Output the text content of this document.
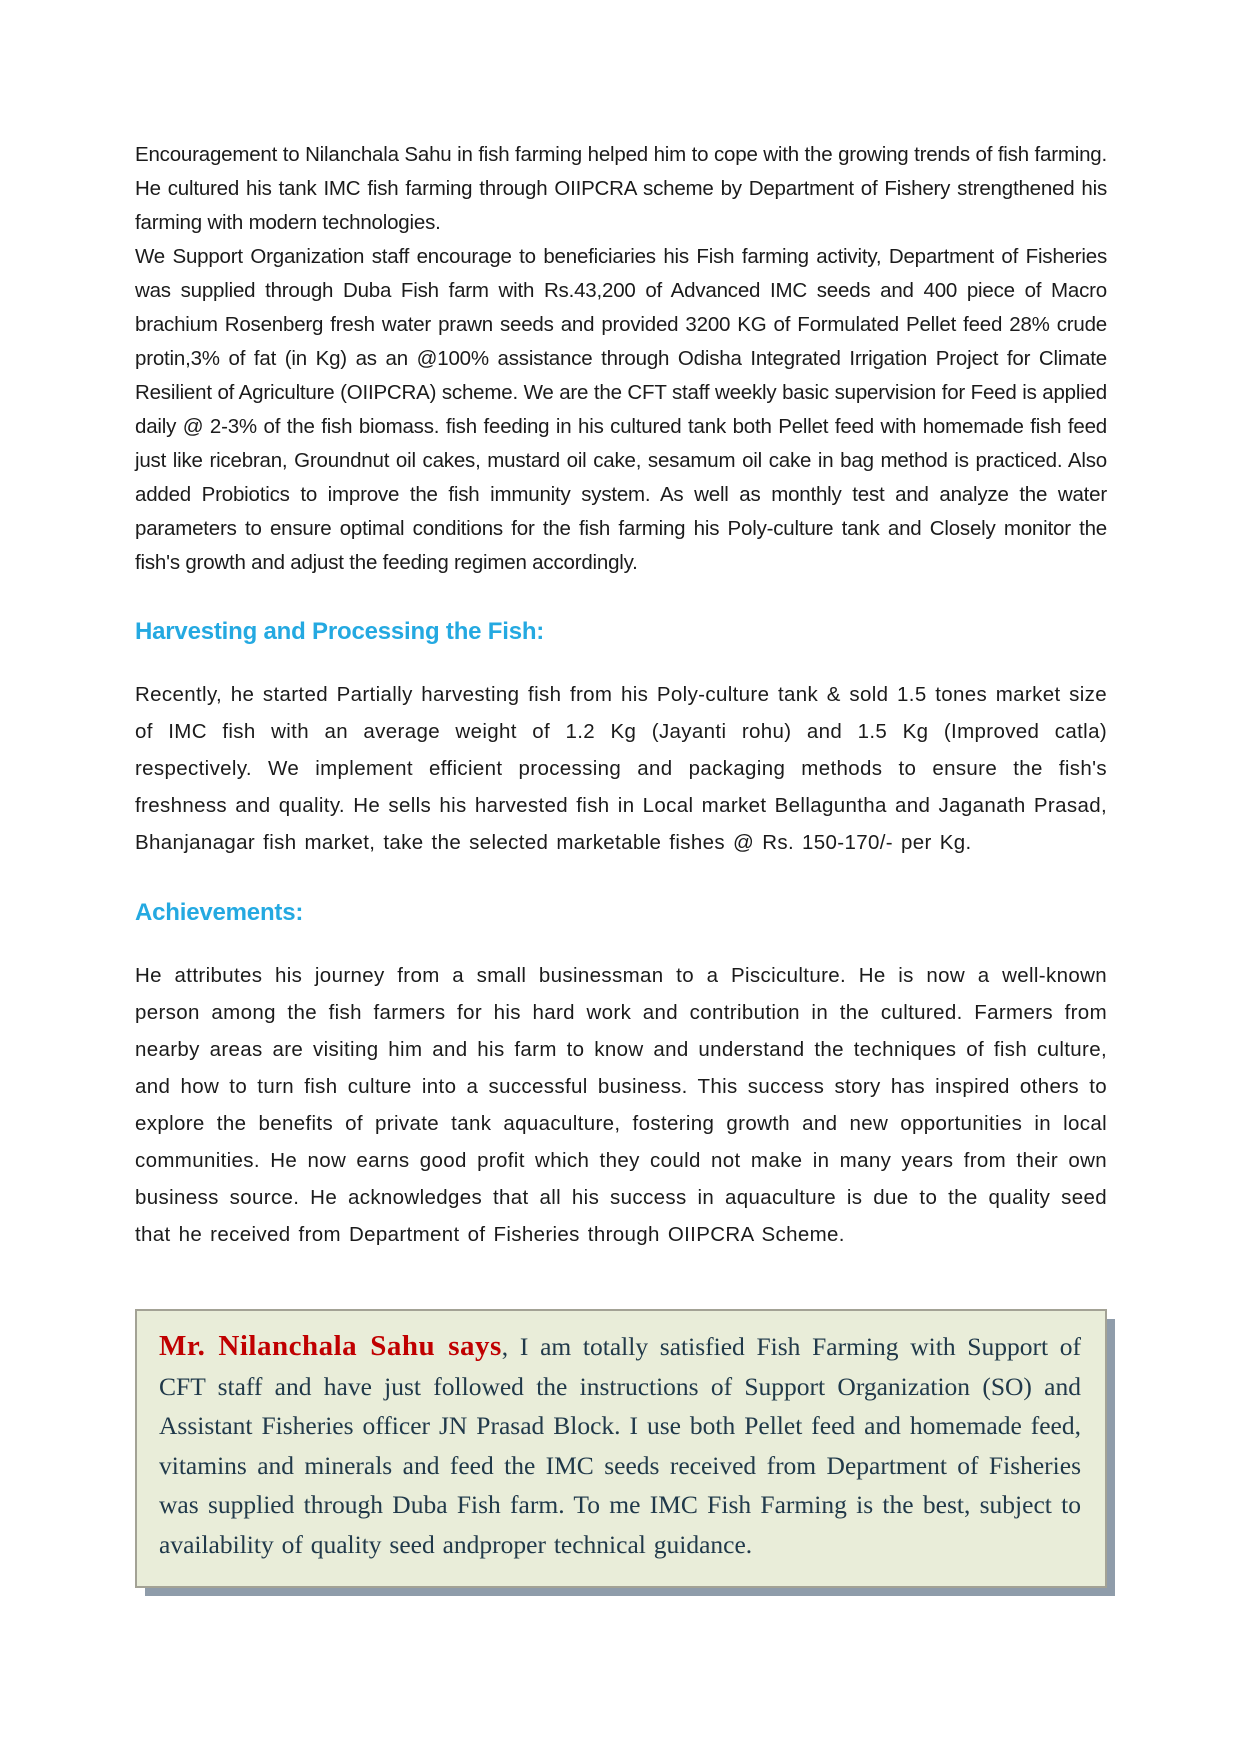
Encouragement to Nilanchala Sahu in fish farming helped him to cope with the growing trends of fish farming. He cultured his tank IMC fish farming through OIIPCRA scheme by Department of Fishery strengthened his farming with modern technologies.

We Support Organization staff encourage to beneficiaries his Fish farming activity, Department of Fisheries was supplied through Duba Fish farm with Rs.43,200 of Advanced IMC seeds and 400 piece of Macro brachium Rosenberg fresh water prawn seeds and provided 3200 KG of Formulated Pellet feed 28% crude protin,3% of fat (in Kg) as an @100% assistance through Odisha Integrated Irrigation Project for Climate Resilient of Agriculture (OIIPCRA) scheme. We are the CFT staff weekly basic supervision for Feed is applied daily @ 2-3% of the fish biomass. fish feeding in his cultured tank both Pellet feed with homemade fish feed just like ricebran, Groundnut oil cakes, mustard oil cake, sesamum oil cake in bag method is practiced. Also added Probiotics to improve the fish immunity system. As well as monthly test and analyze the water parameters to ensure optimal conditions for the fish farming his Poly-culture tank and Closely monitor the fish's growth and adjust the feeding regimen accordingly.

Harvesting and Processing the Fish:

Recently, he started Partially harvesting fish from his Poly-culture tank & sold 1.5 tones market size of IMC fish with an average weight of 1.2 Kg (Jayanti rohu) and 1.5 Kg (Improved catla) respectively. We implement efficient processing and packaging methods to ensure the fish's freshness and quality. He sells his harvested fish in Local market Bellaguntha and Jaganath Prasad, Bhanjanagar fish market, take the selected marketable fishes @ Rs. 150-170/- per Kg.

Achievements:

He attributes his journey from a small businessman to a Pisciculture. He is now a well-known person among the fish farmers for his hard work and contribution in the cultured. Farmers from nearby areas are visiting him and his farm to know and understand the techniques of fish culture, and how to turn fish culture into a successful business. This success story has inspired others to explore the benefits of private tank aquaculture, fostering growth and new opportunities in local communities. He now earns good profit which they could not make in many years from their own business source. He acknowledges that all his success in aquaculture is due to the quality seed that he received from Department of Fisheries through OIIPCRA Scheme.

Mr. Nilanchala Sahu says, I am totally satisfied Fish Farming with Support of CFT staff and have just followed the instructions of Support Organization (SO) and Assistant Fisheries officer JN Prasad Block. I use both Pellet feed and homemade feed, vitamins and minerals and feed the IMC seeds received from Department of Fisheries was supplied through Duba Fish farm. To me IMC Fish Farming is the best, subject to availability of quality seed andproper technical guidance.
